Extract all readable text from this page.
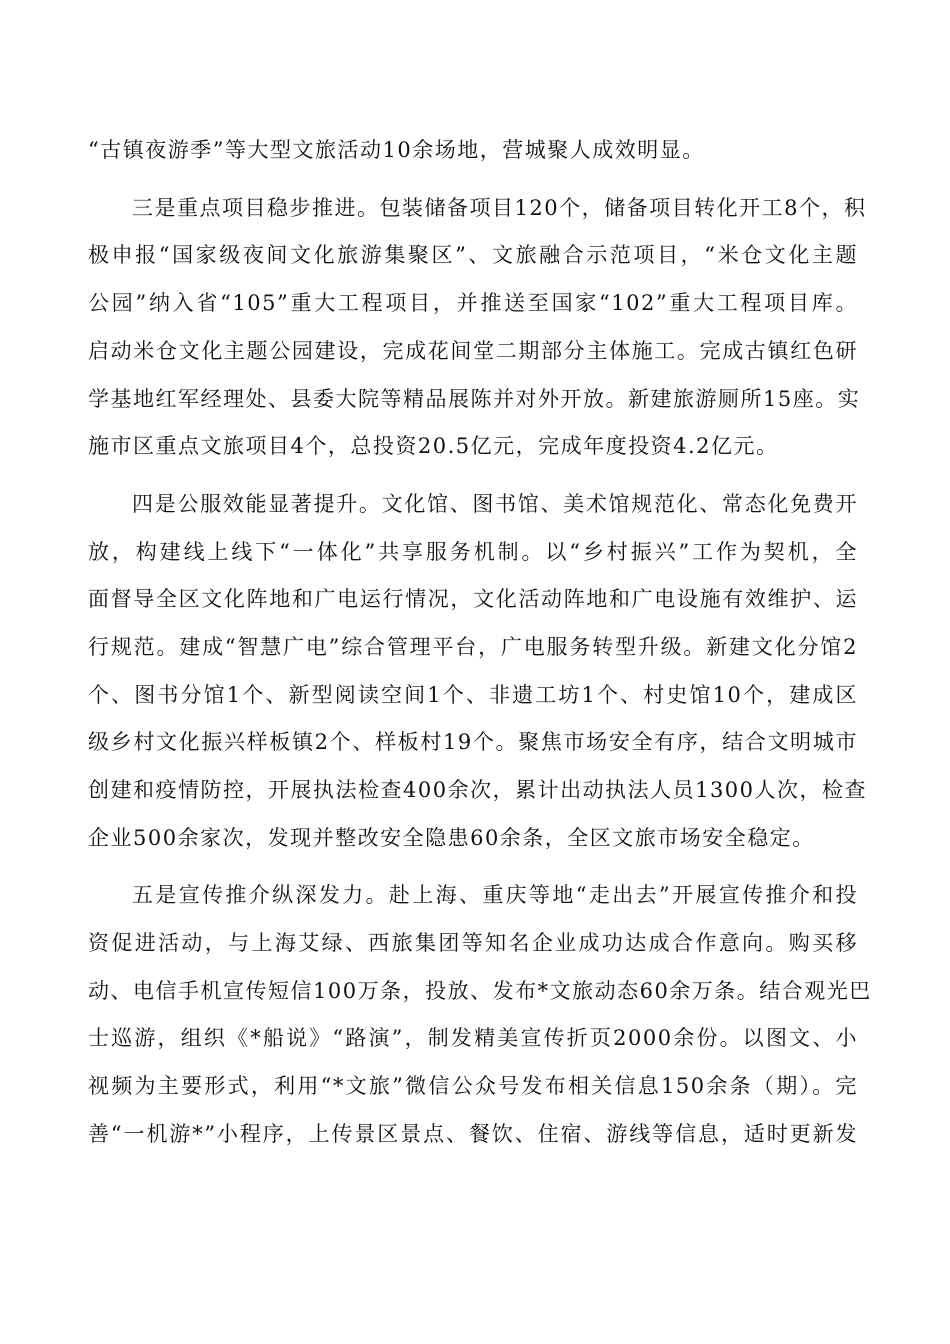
“古镇夜游季”等大型文旅活动10余场地，营城聚人成效明显。
三是重点项目稳步推进。包装储备项目120个，储备项目转化开工8个，积
极申报“国家级夜间文化旅游集聚区”、文旅融合示范项目，“米仓文化主题
公园”纳入省“105”重大工程项目，并推送至国家“102”重大工程项目库。
启动米仓文化主题公园建设，完成花间堂二期部分主体施工。完成古镇红色研
学基地红军经理处、县委大院等精品展陈并对外开放。新建旅游厕所15座。实
施市区重点文旅项目4个，总投资20.5亿元，完成年度投资4.2亿元。
四是公服效能显著提升。文化馆、图书馆、美术馆规范化、常态化免费开
放，构建线上线下“一体化”共享服务机制。以“乡村振兴”工作为契机，全
面督导全区文化阵地和广电运行情况，文化活动阵地和广电设施有效维护、运
行规范。建成“智慧广电”综合管理平台，广电服务转型升级。新建文化分馆2
个、图书分馆1个、新型阅读空间1个、非遗工坊1个、村史馆10个，建成区
级乡村文化振兴样板镇2个、样板村19个。聚焦市场安全有序，结合文明城市
创建和疫情防控，开展执法检查400余次，累计出动执法人员1300人次，检查
企业500余家次，发现并整改安全隐患60余条，全区文旅市场安全稳定。
五是宣传推介纵深发力。赴上海、重庆等地“走出去”开展宣传推介和投
资促进活动，与上海艾绿、西旅集团等知名企业成功达成合作意向。购买移
动、电信手机宣传短信100万条，投放、发布*文旅动态60余万条。结合观光巴
士巡游，组织《*船说》“路演”，制发精美宣传折页2000余份。以图文、小
视频为主要形式，利用“*文旅”微信公众号发布相关信息150余条（期）。完
善“一机游*”小程序，上传景区景点、餐饮、住宿、游线等信息，适时更新发
